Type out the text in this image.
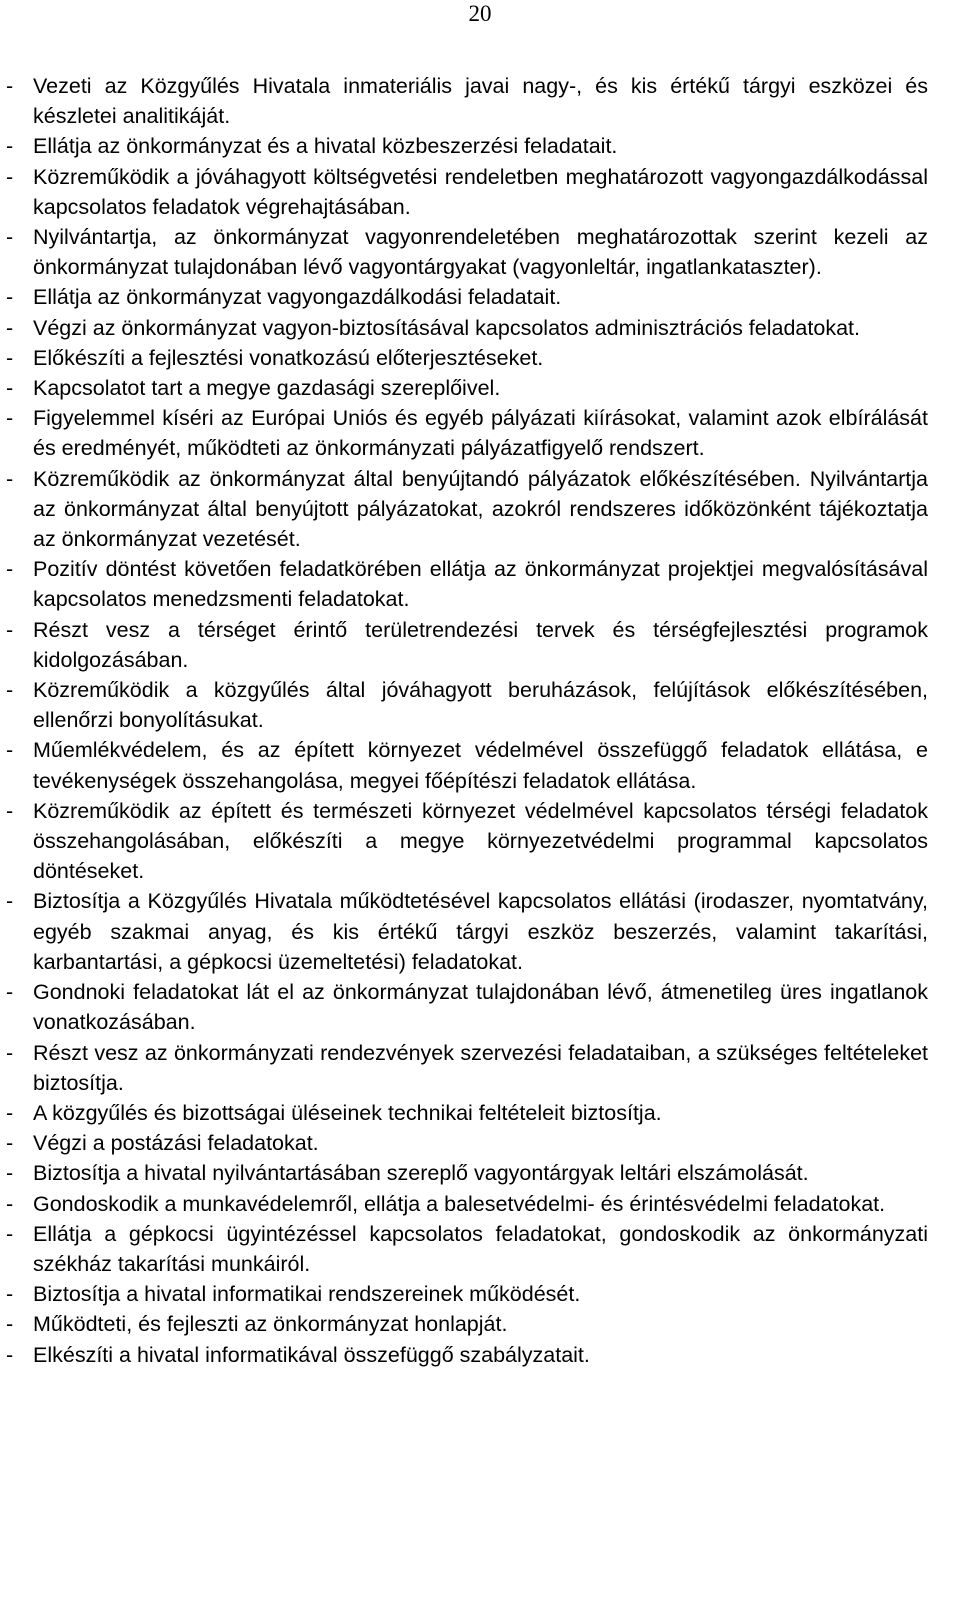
20
- Vezeti az Közgyűlés Hivatala inmateriális javai nagy-, és kis értékű tárgyi eszközei és készletei analitikáját.
- Ellátja az önkormányzat és a hivatal közbeszerzési feladatait.
- Közreműködik a jóváhagyott költségvetési rendeletben meghatározott vagyongazdálkodással kapcsolatos feladatok végrehajtásában.
- Nyilvántartja, az önkormányzat vagyonrendeletében meghatározottak szerint kezeli az önkormányzat tulajdonában lévő vagyontárgyakat (vagyonleltár, ingatlankataszter).
- Ellátja az önkormányzat vagyongazdálkodási feladatait.
- Végzi az önkormányzat vagyon-biztosításával kapcsolatos adminisztrációs feladatokat.
- Előkészíti a fejlesztési vonatkozású előterjesztéseket.
- Kapcsolatot tart a megye gazdasági szereplőivel.
- Figyelemmel kíséri az Európai Uniós és egyéb pályázati kiírásokat, valamint azok elbírálását és eredményét, működteti az önkormányzati pályázatfigyelő rendszert.
- Közreműködik az önkormányzat által benyújtandó pályázatok előkészítésében. Nyilvántartja az önkormányzat által benyújtott pályázatokat, azokról rendszeres időközönként tájékoztatja az önkormányzat vezetését.
- Pozitív döntést követően feladatkörében ellátja az önkormányzat projektjei megvalósításával kapcsolatos menedzsmenti feladatokat.
- Részt vesz a térséget érintő területrendezési tervek és térségfejlesztési programok kidolgozásában.
- Közreműködik a közgyűlés által jóváhagyott beruházások, felújítások előkészítésében, ellenőrzi bonyolításukat.
- Műemlékvédelem, és az épített környezet védelmével összefüggő feladatok ellátása, e tevékenységek összehangolása, megyei főépítészi feladatok ellátása.
- Közreműködik az épített és természeti környezet védelmével kapcsolatos térségi feladatok összehangolásában, előkészíti a megye környezetvédelmi programmal kapcsolatos döntéseket.
- Biztosítja a Közgyűlés Hivatala működtetésével kapcsolatos ellátási (irodaszer, nyomtatvány, egyéb szakmai anyag, és kis értékű tárgyi eszköz beszerzés, valamint takarítási, karbantartási, a gépkocsi üzemeltetési) feladatokat.
- Gondnoki feladatokat lát el az önkormányzat tulajdonában lévő, átmenetileg üres ingatlanok vonatkozásában.
- Részt vesz az önkormányzati rendezvények szervezési feladataiban, a szükséges feltételeket biztosítja.
- A közgyűlés és bizottságai üléseinek technikai feltételeit biztosítja.
- Végzi a postázási feladatokat.
- Biztosítja a hivatal nyilvántartásában szereplő vagyontárgyak leltári elszámolását.
- Gondoskodik a munkavédelemről, ellátja a balesetvédelmi- és érintésvédelmi feladatokat.
- Ellátja a gépkocsi ügyintézéssel kapcsolatos feladatokat, gondoskodik az önkormányzati székház takarítási munkáiról.
- Biztosítja a hivatal informatikai rendszereinek működését.
- Működteti, és fejleszti az önkormányzat honlapját.
- Elkészíti a hivatal informatikával összefüggő szabályzatait.
